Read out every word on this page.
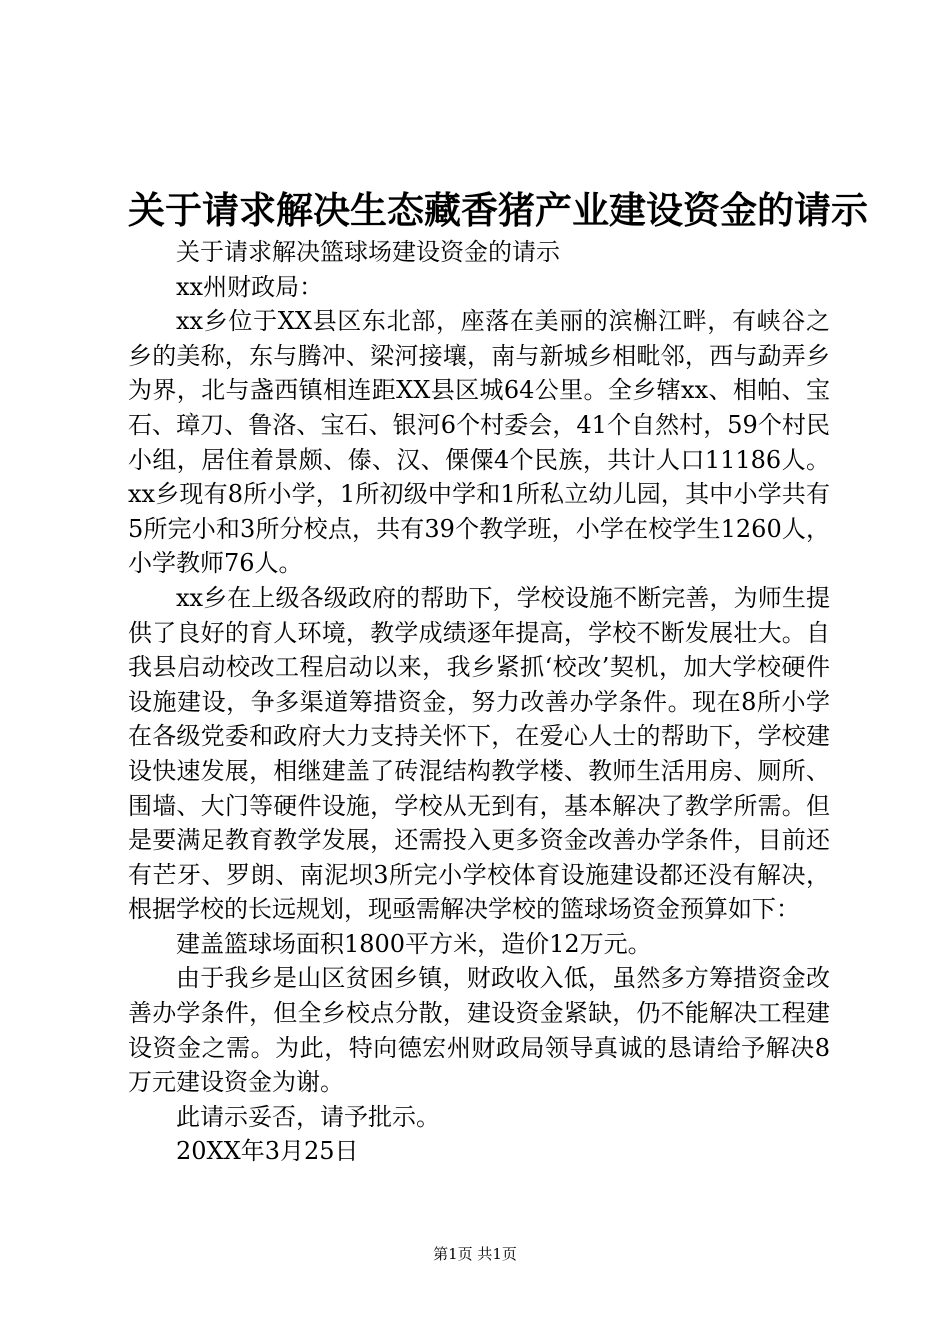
关于请求解决生态藏香猪产业建设资金的请示

关于请求解决篮球场建设资金的请示

xx州财政局：

xx乡位于XX县区东北部，座落在美丽的滨槲江畔，有峡谷之乡的美称，东与腾冲、梁河接壤，南与新城乡相毗邻，西与勐弄乡为界，北与盏西镇相连距XX县区城64公里。全乡辖xx、相帕、宝石、璋刀、鲁洛、宝石、银河6个村委会，41个自然村，59个村民小组，居住着景颇、傣、汉、傈僳4个民族，共计人口11186人。xx乡现有8所小学，1所初级中学和1所私立幼儿园，其中小学共有5所完小和3所分校点，共有39个教学班，小学在校学生1260人，小学教师76人。

xx乡在上级各级政府的帮助下，学校设施不断完善，为师生提供了良好的育人环境，教学成绩逐年提高，学校不断发展壮大。自我县启动校改工程启动以来，我乡紧抓‘校改’契机，加大学校硬件设施建设，争多渠道筹措资金，努力改善办学条件。现在8所小学在各级党委和政府大力支持关怀下，在爱心人士的帮助下，学校建设快速发展，相继建盖了砖混结构教学楼、教师生活用房、厕所、围墙、大门等硬件设施，学校从无到有，基本解决了教学所需。但是要满足教育教学发展，还需投入更多资金改善办学条件，目前还有芒牙、罗朗、南泥坝3所完小学校体育设施建设都还没有解决，根据学校的长远规划，现亟需解决学校的篮球场资金预算如下：

建盖篮球场面积1800平方米，造价12万元。

由于我乡是山区贫困乡镇，财政收入低，虽然多方筹措资金改善办学条件，但全乡校点分散，建设资金紧缺，仍不能解决工程建设资金之需。为此，特向德宏州财政局领导真诚的恳请给予解决8万元建设资金为谢。

此请示妥否，请予批示。

20XX年3月25日

第1页 共1页
